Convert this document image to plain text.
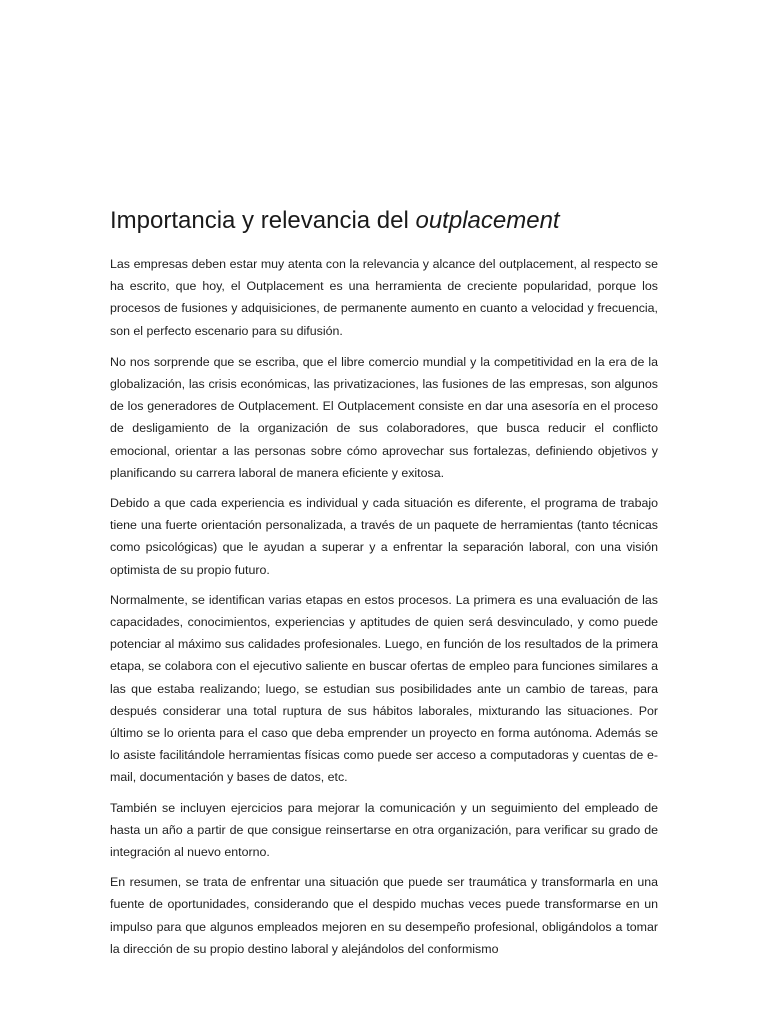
Importancia y relevancia del outplacement

Las empresas deben estar muy atenta con la relevancia y alcance del outplacement, al respecto se ha escrito, que hoy, el Outplacement es una herramienta de creciente popularidad, porque los procesos de fusiones y adquisiciones, de permanente aumento en cuanto a velocidad y frecuencia, son el perfecto escenario para su difusión.

No nos sorprende que se escriba, que el libre comercio mundial y la competitividad en la era de la globalización, las crisis económicas, las privatizaciones, las fusiones de las empresas, son algunos de los generadores de Outplacement. El Outplacement consiste en dar una asesoría en el proceso de desligamiento de la organización de sus colaboradores, que busca reducir el conflicto emocional, orientar a las personas sobre cómo aprovechar sus fortalezas, definiendo objetivos y planificando su carrera laboral de manera eficiente y exitosa.

Debido a que cada experiencia es individual y cada situación es diferente, el programa de trabajo tiene una fuerte orientación personalizada, a través de un paquete de herramientas (tanto técnicas como psicológicas) que le ayudan a superar y a enfrentar la separación laboral, con una visión optimista de su propio futuro.

Normalmente, se identifican varias etapas en estos procesos. La primera es una evaluación de las capacidades, conocimientos, experiencias y aptitudes de quien será desvinculado, y como puede potenciar al máximo sus calidades profesionales. Luego, en función de los resultados de la primera etapa, se colabora con el ejecutivo saliente en buscar ofertas de empleo para funciones similares a las que estaba realizando; luego, se estudian sus posibilidades ante un cambio de tareas, para después considerar una total ruptura de sus hábitos laborales, mixturando las situaciones. Por último se lo orienta para el caso que deba emprender un proyecto en forma autónoma. Además se lo asiste facilitándole herramientas físicas como puede ser acceso a computadoras y cuentas de e-mail, documentación y bases de datos, etc.

También se incluyen ejercicios para mejorar la comunicación y un seguimiento del empleado de hasta un año a partir de que consigue reinsertarse en otra organización, para verificar su grado de integración al nuevo entorno.

En resumen, se trata de enfrentar una situación que puede ser traumática y transformarla en una fuente de oportunidades, considerando que el despido muchas veces puede transformarse en un impulso para que algunos empleados mejoren en su desempeño profesional, obligándolos a tomar la dirección de su propio destino laboral y alejándolos del conformismo
